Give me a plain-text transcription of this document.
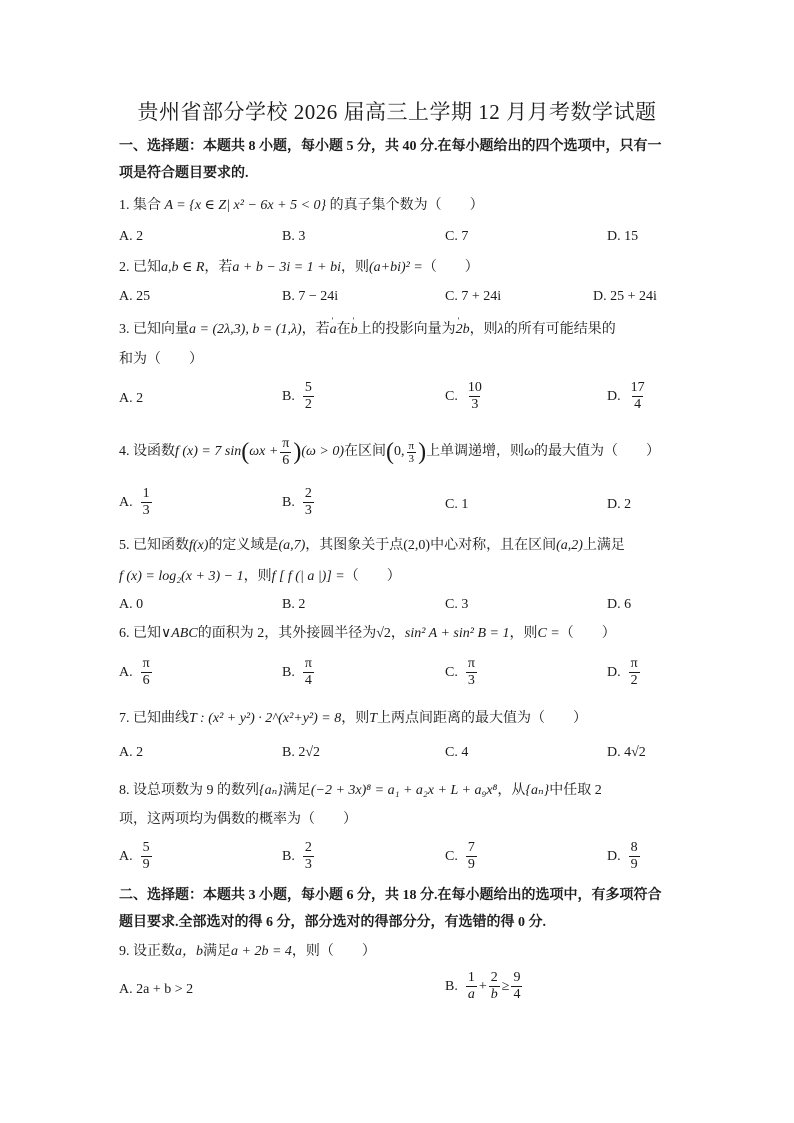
贵州省部分学校 2026 届高三上学期 12 月月考数学试题
一、选择题：本题共 8 小题，每小题 5 分，共 40 分.在每小题给出的四个选项中，只有一
项是符合题目要求的.
1. 集合 A = {x ∈ Z| x² − 6x + 5 < 0} 的真子集个数为（　　）
A. 2	B. 3	C. 7	D. 15
2. 已知a,b ∈ R，若a + b − 3i = 1 + bi，则(a+bi)² =（　　）
A. 25	B. 7 − 24i	C. 7 + 24i	D. 25 + 24i
3. 已知向量a = (2λ,3), b = (1,λ)，若' a在' b上的投影向量为' 2b，则λ的所有可能结果的
和为（　　）
A. 2	B. $\frac{5}{2}$	C. $\frac{10}{3}$	D. $\frac{17}{4}$
4. 设函数 f (x) = 7 sin ( $\omega x + \frac{\pi}{6}$ ) (ω > 0) 在区间 ( 0, $\frac{\pi}{3}$ ) 上单调递增，则 ω 的最大值为（　　）
A. $\frac{1}{3}$	B. $\frac{2}{3}$	C. 1	D. 2
5. 已知函数f(x)的定义域是(a,7)，其图象关于点(2,0)中心对称，且在区间(a,2)上满足
f (x) = log₂(x + 3) − 1，则f [ f (| a |)] =（　　）
A. 0	B. 2	C. 3	D. 6
6. 已知∨ABC的面积为 2，其外接圆半径为√2，sin² A + sin² B = 1，则C =（　　）
A. $\frac{\pi}{6}$	B. $\frac{\pi}{4}$	C. $\frac{\pi}{3}$	D. $\frac{\pi}{2}$
7. 已知曲线T : (x² + y²) · 2^(x²+y²) = 8，则T上两点间距离的最大值为（　　）
A. 2	B. 2√2	C. 4	D. 4√2
8. 设总项数为 9 的数列{aₙ}满足(−2 + 3x)⁸ = a₁ + a₂x + L + a₉x⁸，从{aₙ}中任取 2
项，这两项均为偶数的概率为（　　）
A. $\frac{5}{9}$	B. $\frac{2}{3}$	C. $\frac{7}{9}$	D. $\frac{8}{9}$
二、选择题：本题共 3 小题，每小题 6 分，共 18 分.在每小题给出的选项中，有多项符合
题目要求.全部选对的得 6 分，部分选对的得部分分，有选错的得 0 分.
9. 设正数a，b满足a + 2b = 4，则（　　）
A. 2a + b > 2	B. $\frac{1}{a} + \frac{2}{b} \ge \frac{9}{4}$
